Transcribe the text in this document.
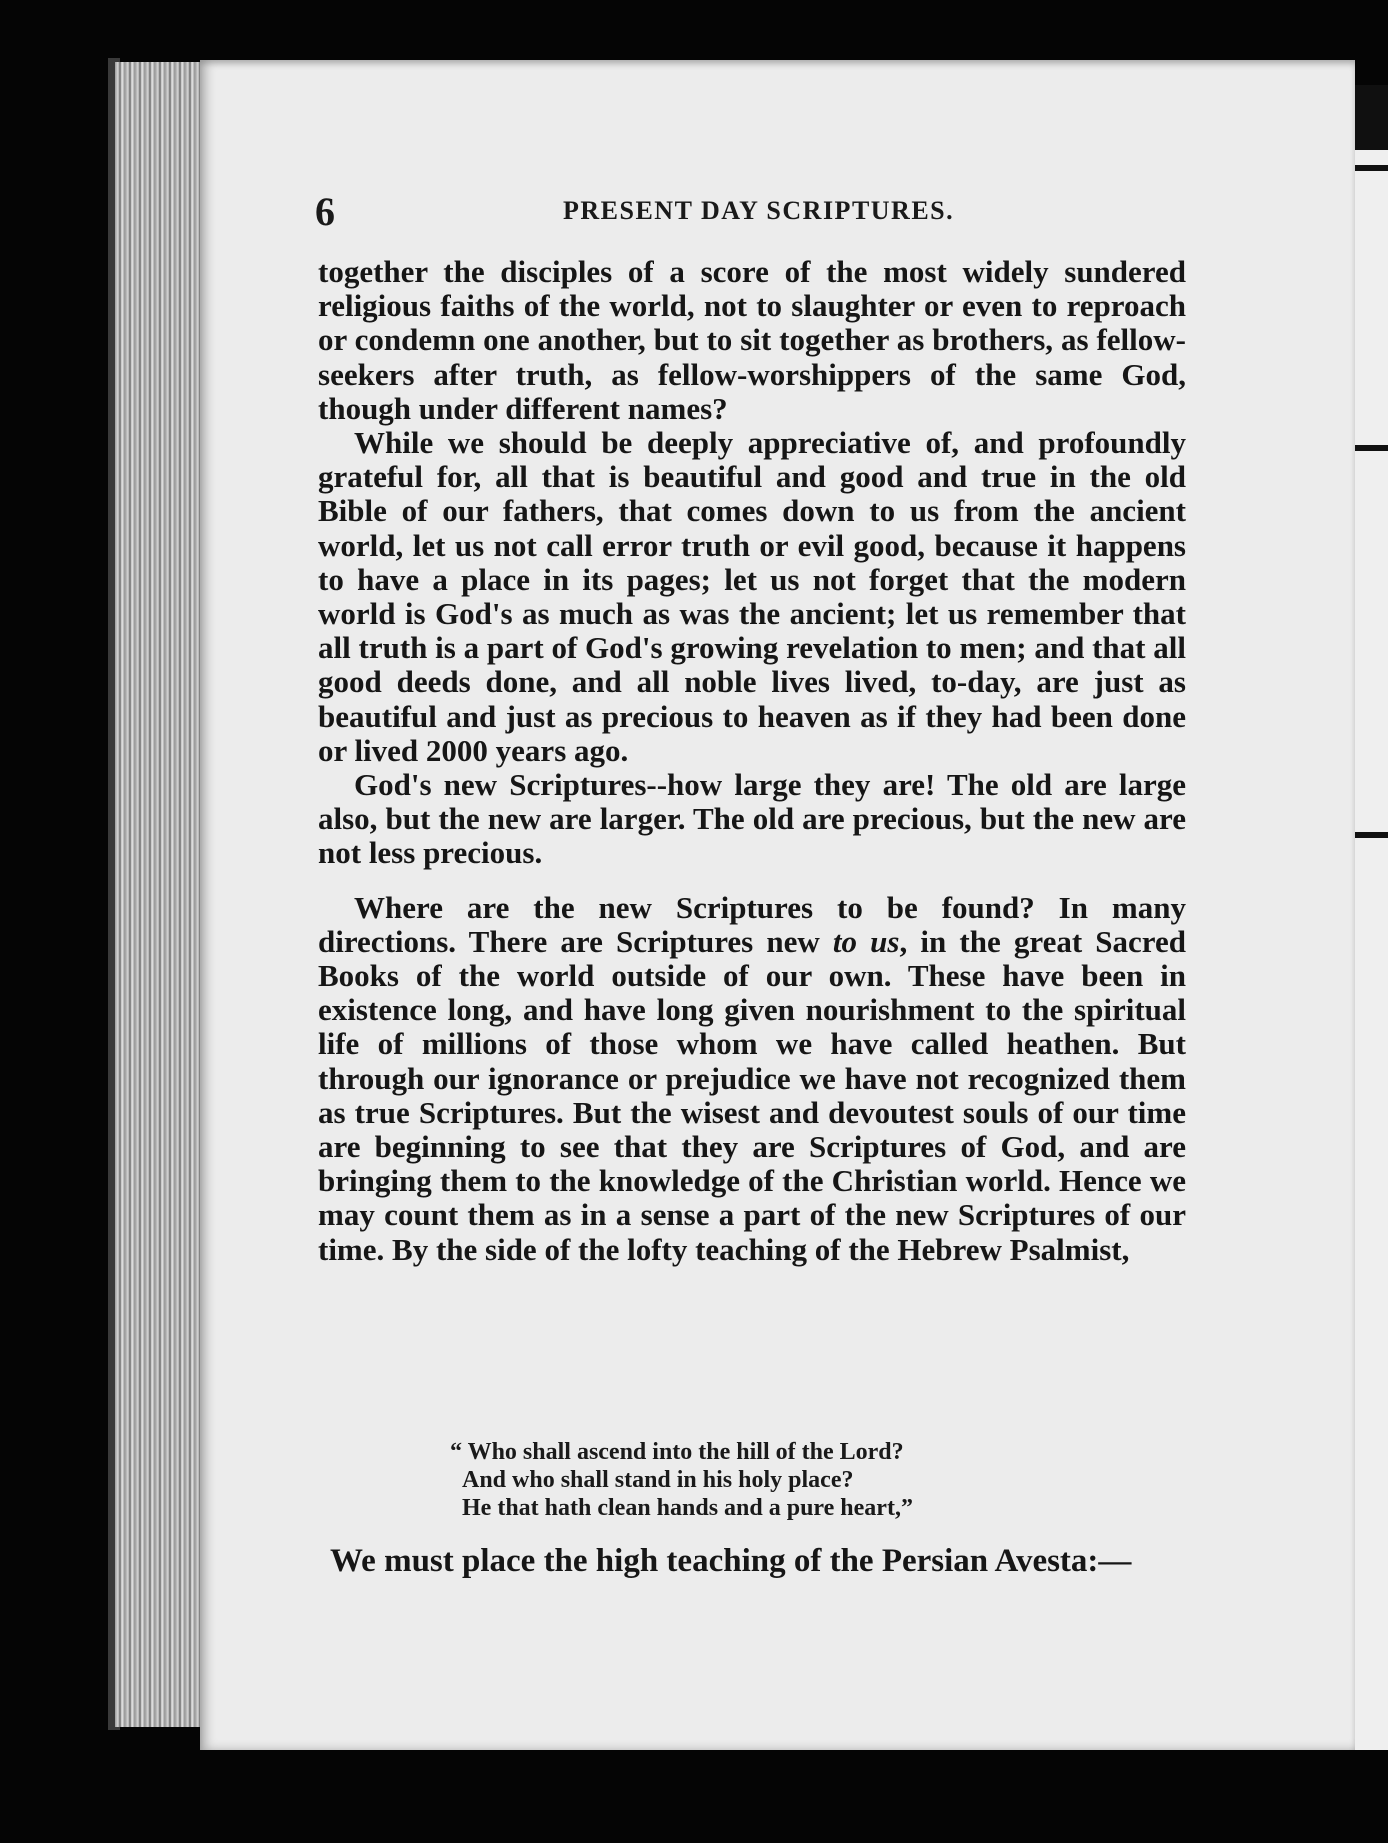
6	PRESENT DAY SCRIPTURES.

together the disciples of a score of the most widely sundered religious faiths of the world, not to slaughter or even to reproach or condemn one another, but to sit together as brothers, as fellow-seekers after truth, as fellow-worshippers of the same God, though under different names?

While we should be deeply appreciative of, and profoundly grateful for, all that is beautiful and good and true in the old Bible of our fathers, that comes down to us from the ancient world, let us not call error truth or evil good, because it happens to have a place in its pages; let us not forget that the modern world is God's as much as was the ancient; let us remember that all truth is a part of God's growing revelation to men; and that all good deeds done, and all noble lives lived, to-day, are just as beautiful and just as precious to heaven as if they had been done or lived 2000 years ago.

God's new Scriptures--how large they are! The old are large also, but the new are larger. The old are precious, but the new are not less precious.

Where are the new Scriptures to be found? In many directions. There are Scriptures new to us, in the great Sacred Books of the world outside of our own. These have been in existence long, and have long given nourishment to the spiritual life of millions of those whom we have called heathen. But through our ignorance or prejudice we have not recognized them as true Scriptures. But the wisest and devoutest souls of our time are beginning to see that they are Scriptures of God, and are bringing them to the knowledge of the Christian world. Hence we may count them as in a sense a part of the new Scriptures of our time. By the side of the lofty teaching of the Hebrew Psalmist,

“ Who shall ascend into the hill of the Lord?
And who shall stand in his holy place?
He that hath clean hands and a pure heart,”
We must place the high teaching of the Persian Avesta:—
